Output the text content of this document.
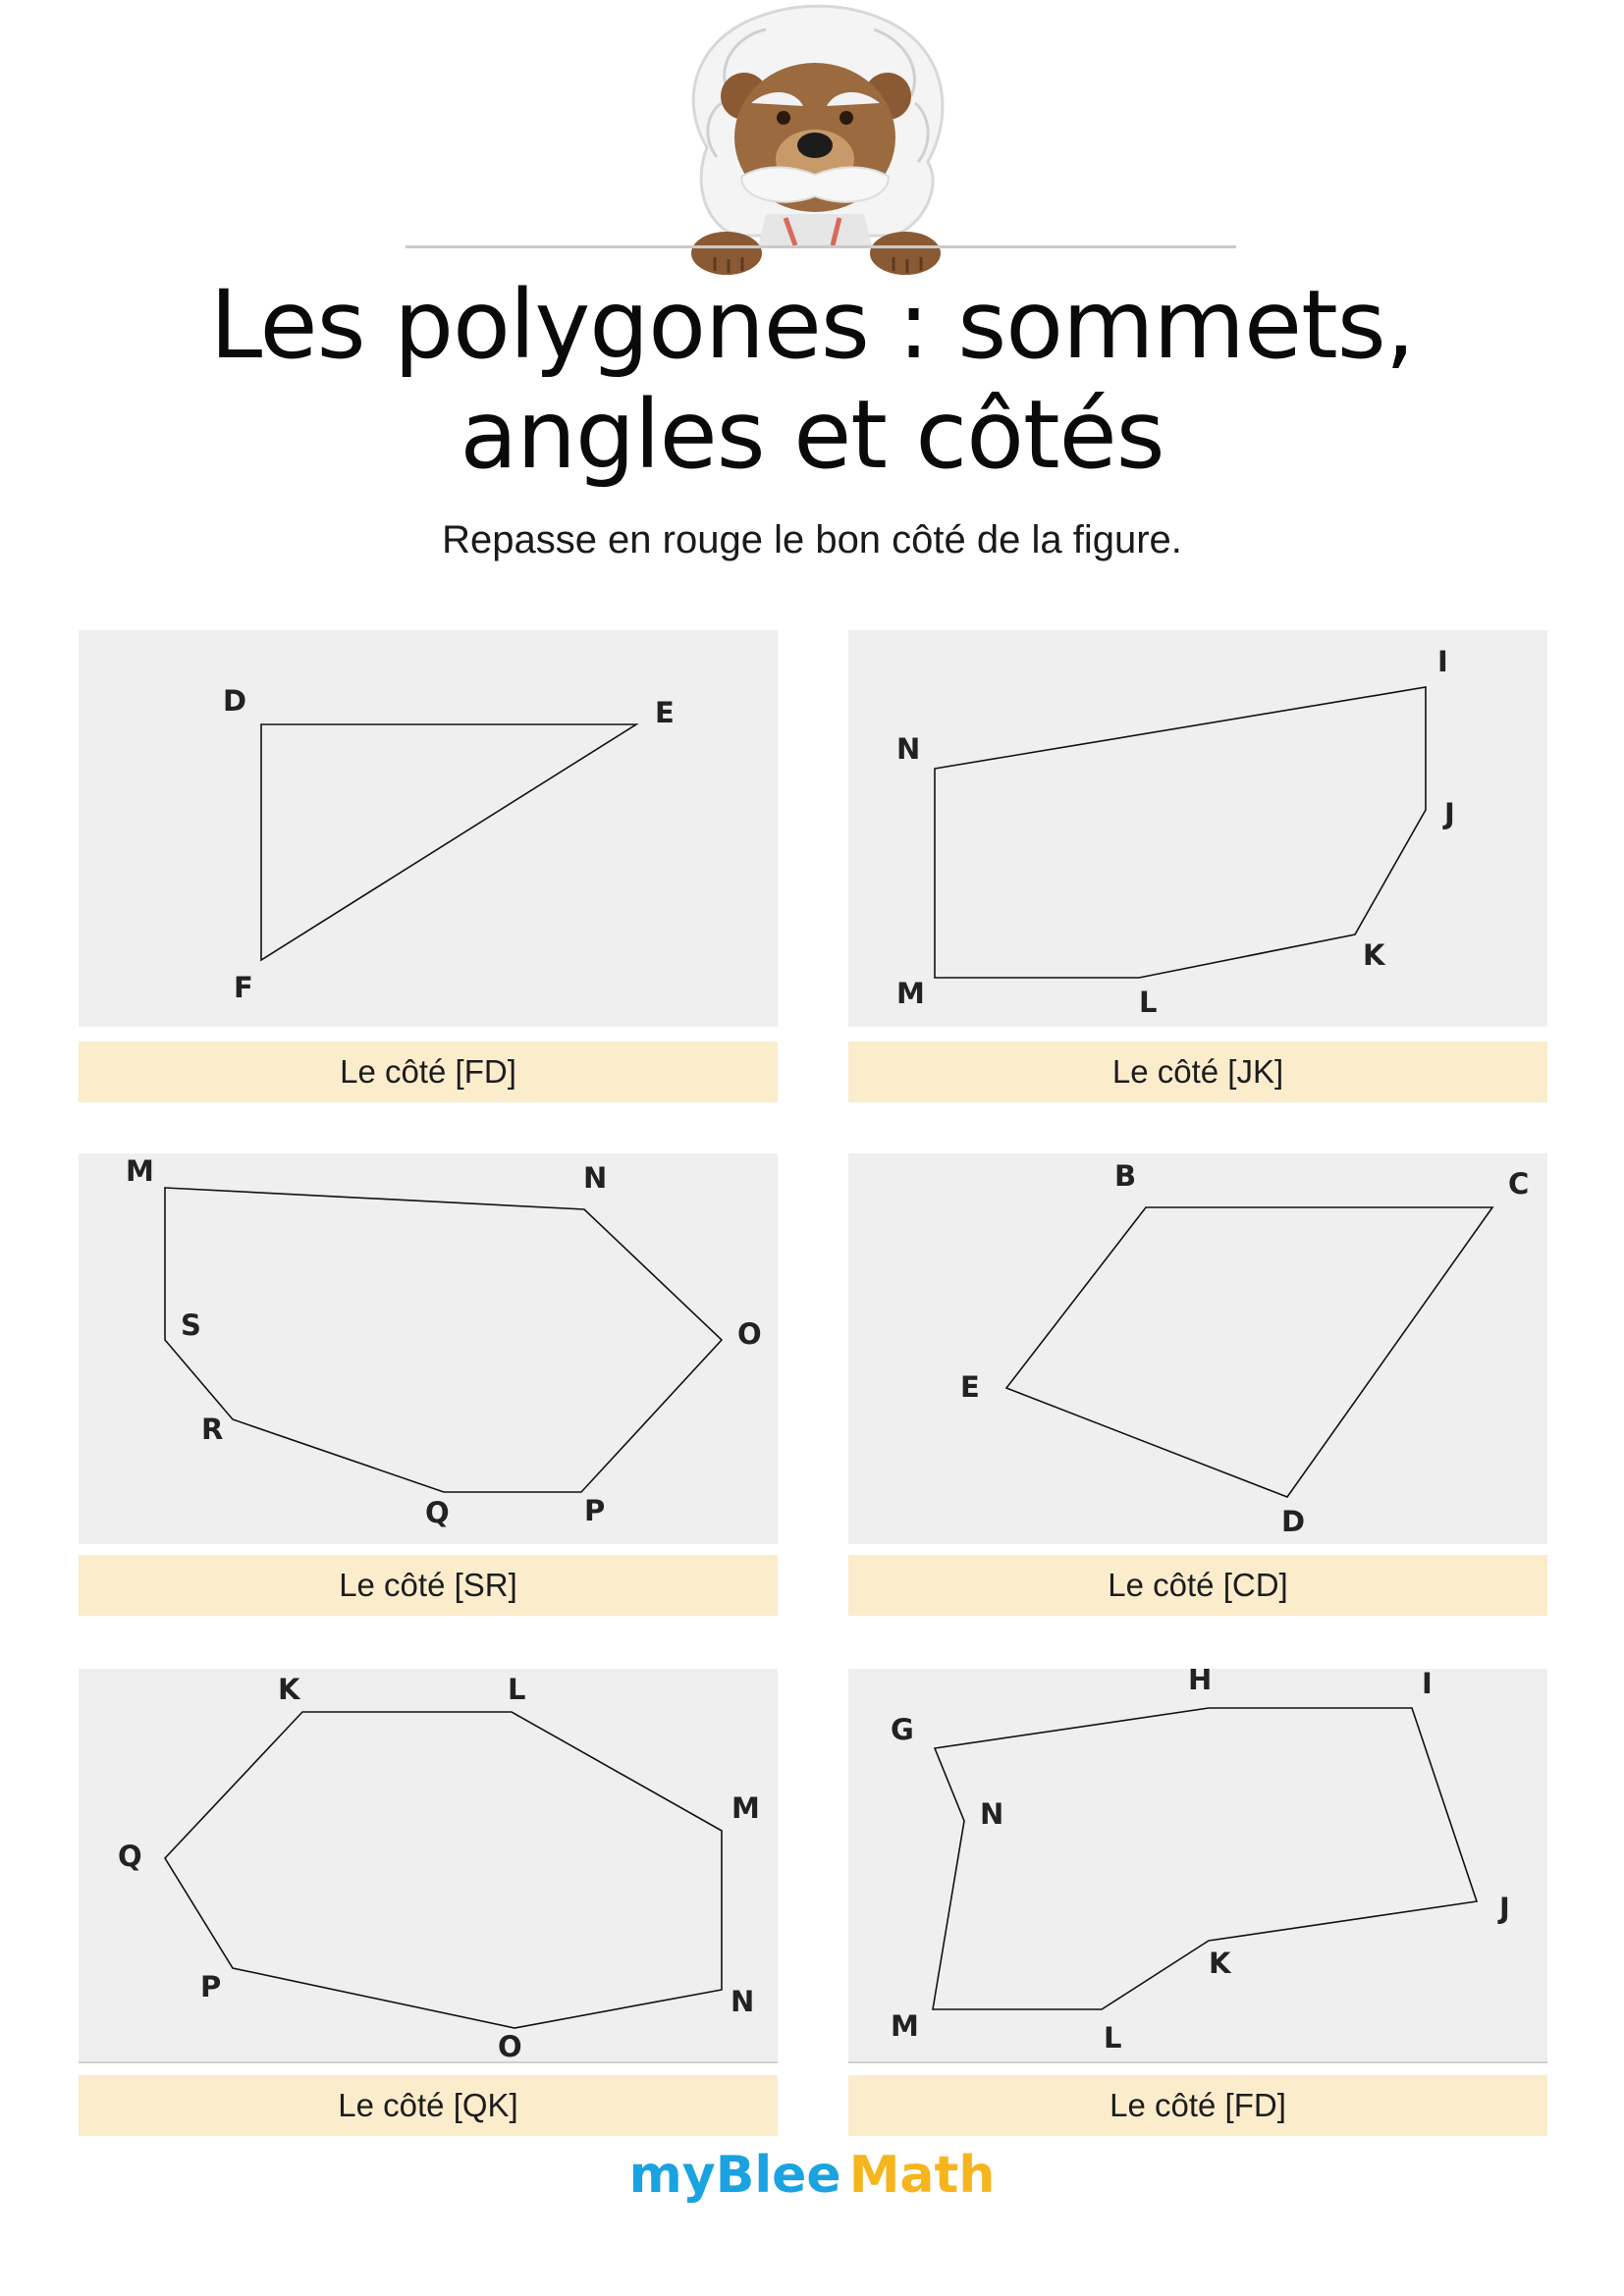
Les polygones : sommets,
angles et côtés
Repasse en rouge le bon côté de la figure.
D	E
F
Le côté [FD]
I
N
J
K
M	L
Le côté [JK]
M	N
S	O
R
Q	P
Le côté [SR]
B	C
E
D
Le côté [CD]
K	L
M
Q
P	N
O
Le côté [QK]
H	I
G
N
J
K
M	L
Le côté [FD]
myBlee Math
